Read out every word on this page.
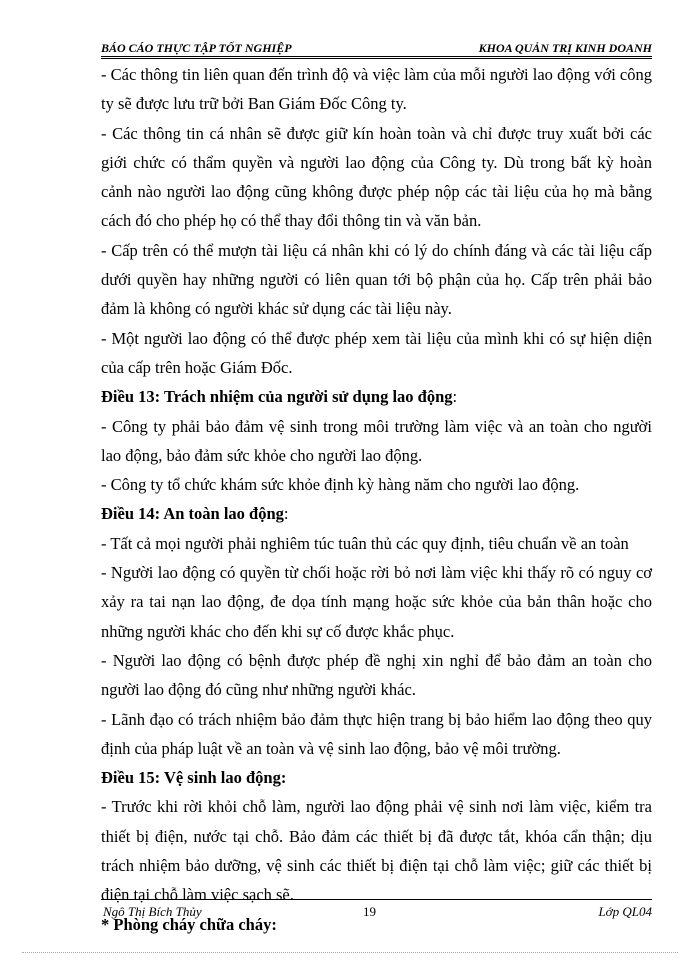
BÁO CÁO THỰC TẬP TỐT NGHIỆP	KHOA QUẢN TRỊ KINH DOANH

- Các thông tin liên quan đến trình độ và việc làm của mỗi người lao động với công ty sẽ được lưu trữ bởi Ban Giám Đốc Công ty.

- Các thông tin cá nhân sẽ được giữ kín hoàn toàn và chỉ được truy xuất bởi các giới chức có thẩm quyền và người lao động của Công ty. Dù trong bất kỳ hoàn cảnh nào người lao động cũng không được phép nộp các tài liệu của họ mà bằng cách đó cho phép họ có thể thay đổi thông tin và văn bản.

- Cấp trên có thể mượn tài liệu cá nhân khi có lý do chính đáng và các tài liệu cấp dưới quyền hay những người có liên quan tới bộ phận của họ. Cấp trên phải bảo đảm là không có người khác sử dụng các tài liệu này.

- Một người lao động có thể được phép xem tài liệu của mình khi có sự hiện diện của cấp trên hoặc Giám Đốc.

Điều 13: Trách nhiệm của người sử dụng lao động:

- Công ty phải bảo đảm vệ sinh trong môi trường làm việc và an toàn cho người lao động, bảo đảm sức khỏe cho người lao động.

- Công ty tổ chức khám sức khỏe định kỳ hàng năm cho người lao động.

Điều 14: An toàn lao động:

- Tất cả mọi người phải nghiêm túc tuân thủ các quy định, tiêu chuẩn về an toàn

- Người lao động có quyền từ chối hoặc rời bỏ nơi làm việc khi thấy rõ có nguy cơ xảy ra tai nạn lao động, đe dọa tính mạng hoặc sức khỏe của bản thân hoặc cho những người khác cho đến khi sự cố được khắc phục.

- Người lao động có bệnh được phép đề nghị xin nghỉ để bảo đảm an toàn cho người lao động đó cũng như những người khác.

- Lãnh đạo có trách nhiệm bảo đảm thực hiện trang bị bảo hiểm lao động theo quy định của pháp luật về an toàn và vệ sinh lao động, bảo vệ môi trường.

Điều 15: Vệ sinh lao động:

- Trước khi rời khỏi chỗ làm, người lao động phải vệ sinh nơi làm việc, kiểm tra thiết bị điện, nước tại chỗ. Bảo đảm các thiết bị đã được tắt, khóa cẩn thận; dịu trách nhiệm bảo dưỡng, vệ sinh các thiết bị điện tại chỗ làm việc; giữ các thiết bị điện tại chỗ làm việc sạch sẽ.

* Phòng cháy chữa cháy:

Ngô Thị Bích Thủy	19	Lớp QL04
